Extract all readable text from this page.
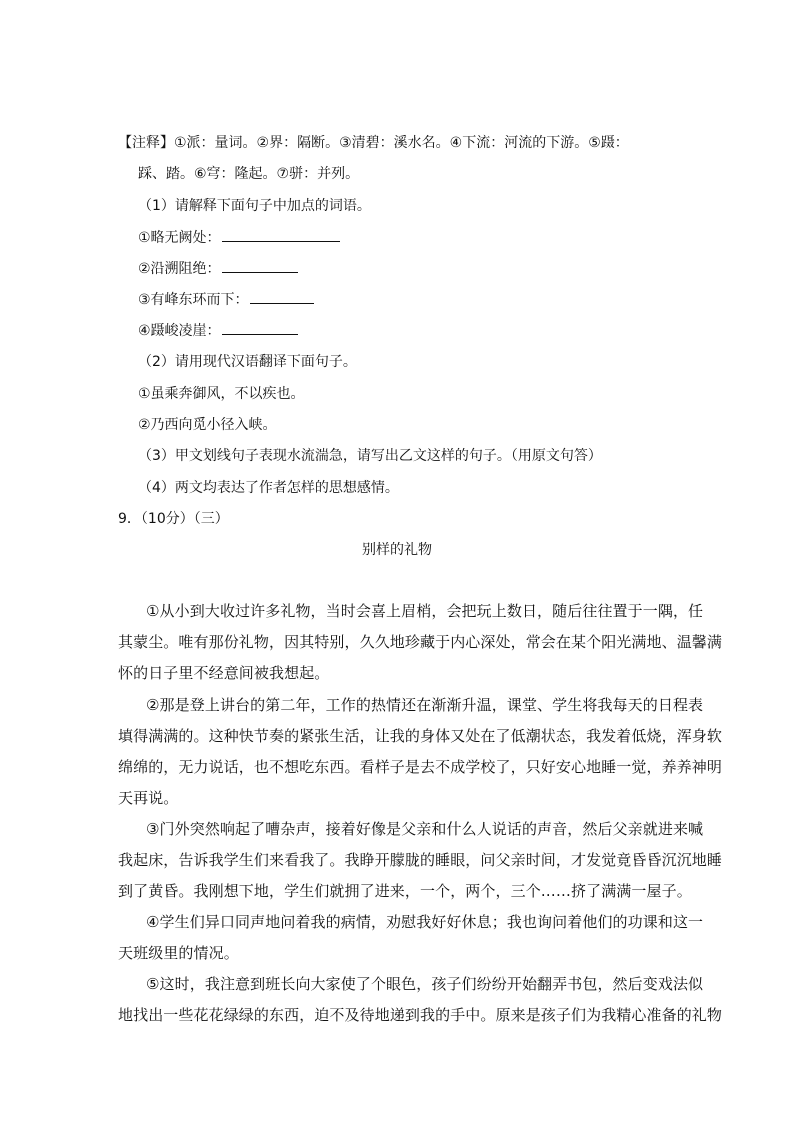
【注释】①派：量词。②界：隔断。③清碧：溪水名。④下流：河流的下游。⑤蹑：
踩、踏。⑥穹：隆起。⑦骈：并列。
（1）请解释下面句子中加点的词语。
①略无阙处：
②沿溯阻绝：
③有峰东环而下：
④蹑峻凌崖：
（2）请用现代汉语翻译下面句子。
①虽乘奔御风，不以疾也。
②乃西向觅小径入峡。
（3）甲文划线句子表现水流湍急，请写出乙文这样的句子。（用原文句答）
（4）两文均表达了作者怎样的思想感情。
9．（10分）（三）
别样的礼物
①从小到大收过许多礼物，当时会喜上眉梢，会把玩上数日，随后往往置于一隅，任
其蒙尘。唯有那份礼物，因其特别，久久地珍藏于内心深处，常会在某个阳光满地、温馨满
怀的日子里不经意间被我想起。
②那是登上讲台的第二年，工作的热情还在渐渐升温，课堂、学生将我每天的日程表
填得满满的。这种快节奏的紧张生活，让我的身体又处在了低潮状态，我发着低烧，浑身软
绵绵的，无力说话，也不想吃东西。看样子是去不成学校了，只好安心地睡一觉，养养神明
天再说。
③门外突然响起了嘈杂声，接着好像是父亲和什么人说话的声音，然后父亲就进来喊
我起床，告诉我学生们来看我了。我睁开朦胧的睡眼，问父亲时间，才发觉竟昏昏沉沉地睡
到了黄昏。我刚想下地，学生们就拥了进来，一个，两个，三个……挤了满满一屋子。
④学生们异口同声地问着我的病情，劝慰我好好休息；我也询问着他们的功课和这一
天班级里的情况。
⑤这时，我注意到班长向大家使了个眼色，孩子们纷纷开始翻弄书包，然后变戏法似
地找出一些花花绿绿的东西，迫不及待地递到我的手中。原来是孩子们为我精心准备的礼物
